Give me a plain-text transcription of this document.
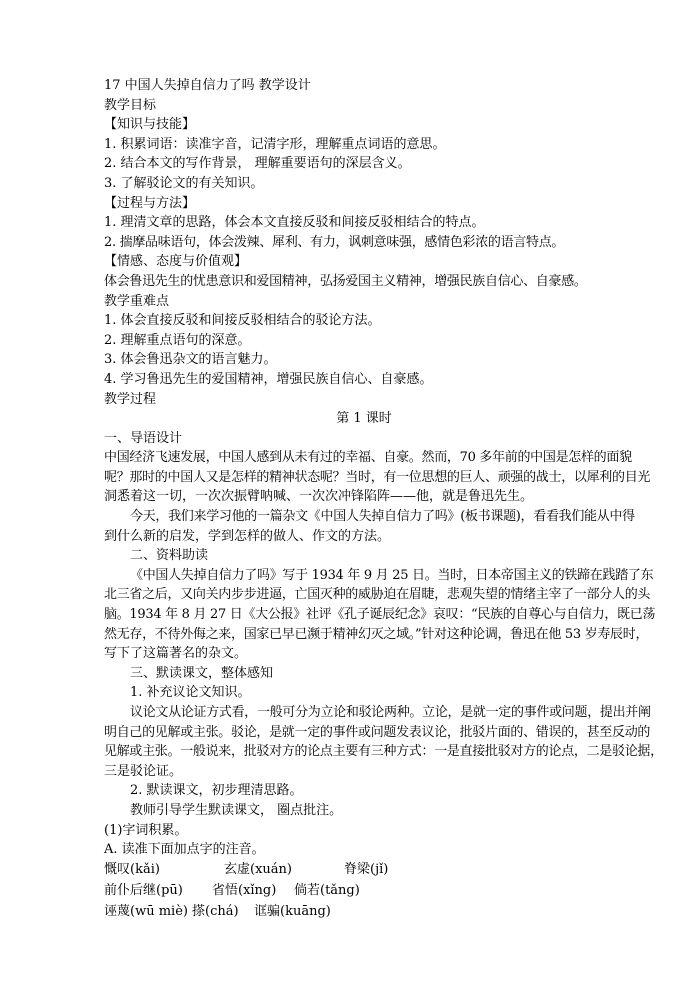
17 中国人失掉自信力了吗 教学设计
教学目标
【知识与技能】
1. 积累词语：读准字音，记清字形，理解重点词语的意思。
2. 结合本文的写作背景， 理解重要语句的深层含义。
3. 了解驳论文的有关知识。
【过程与方法】
1. 理清文章的思路，体会本文直接反驳和间接反驳相结合的特点。
2. 揣摩品味语句，体会泼辣、犀利、有力，讽刺意味强，感情色彩浓的语言特点。
【情感、态度与价值观】
体会鲁迅先生的忧患意识和爱国精神，弘扬爱国主义精神，增强民族自信心、自豪感。
教学重难点
1. 体会直接反驳和间接反驳相结合的驳论方法。
2. 理解重点语句的深意。
3. 体会鲁迅杂文的语言魅力。
4. 学习鲁迅先生的爱国精神，增强民族自信心、自豪感。
教学过程
第 1 课时
一、导语设计
中国经济飞速发展，中国人感到从未有过的幸福、自豪。然而，70 多年前的中国是怎样的面貌
呢？那时的中国人又是怎样的精神状态呢？当时，有一位思想的巨人、顽强的战士，以犀利的目光
洞悉着这一切，一次次振臂呐喊、一次次冲锋陷阵——他，就是鲁迅先生。
今天，我们来学习他的一篇杂文《中国人失掉自信力了吗》(板书课题)，看看我们能从中得
到什么新的启发，学到怎样的做人、作文的方法。
二、资料助读
《中国人失掉自信力了吗》写于 1934 年 9 月 25 日。当时，日本帝国主义的铁蹄在践踏了东
北三省之后，又向关内步步进逼，亡国灭种的威胁迫在眉睫，悲观失望的情绪主宰了一部分人的头
脑。1934 年 8 月 27 日《大公报》社评《孔子诞辰纪念》哀叹：“民族的自尊心与自信力，既已荡
然无存，不待外侮之来，国家已早已濒于精神幻灭之域。”针对这种论调，鲁迅在他 53 岁寿辰时，
写下了这篇著名的杂文。
三、默读课文，整体感知
1. 补充议论文知识。
议论文从论证方式看，一般可分为立论和驳论两种。立论，是就一定的事件或问题，提出并阐
明自己的见解或主张。驳论，是就一定的事件或问题发表议论，批驳片面的、错误的，甚至反动的
见解或主张。一般说来，批驳对方的论点主要有三种方式：一是直接批驳对方的论点，二是驳论据，
三是驳论证。
2. 默读课文，初步理清思路。
教师引导学生默读课文， 圈点批注。
(1)字词积累。
A. 读准下面加点字的注音。
慨叹(kǎi)	玄虚(xuán)	脊梁(jǐ)
前仆后继(pū)	省悟(xǐng)	倘若(tǎng)
诬蔑(wū miè) 搽(chá)	诓骗(kuāng)
